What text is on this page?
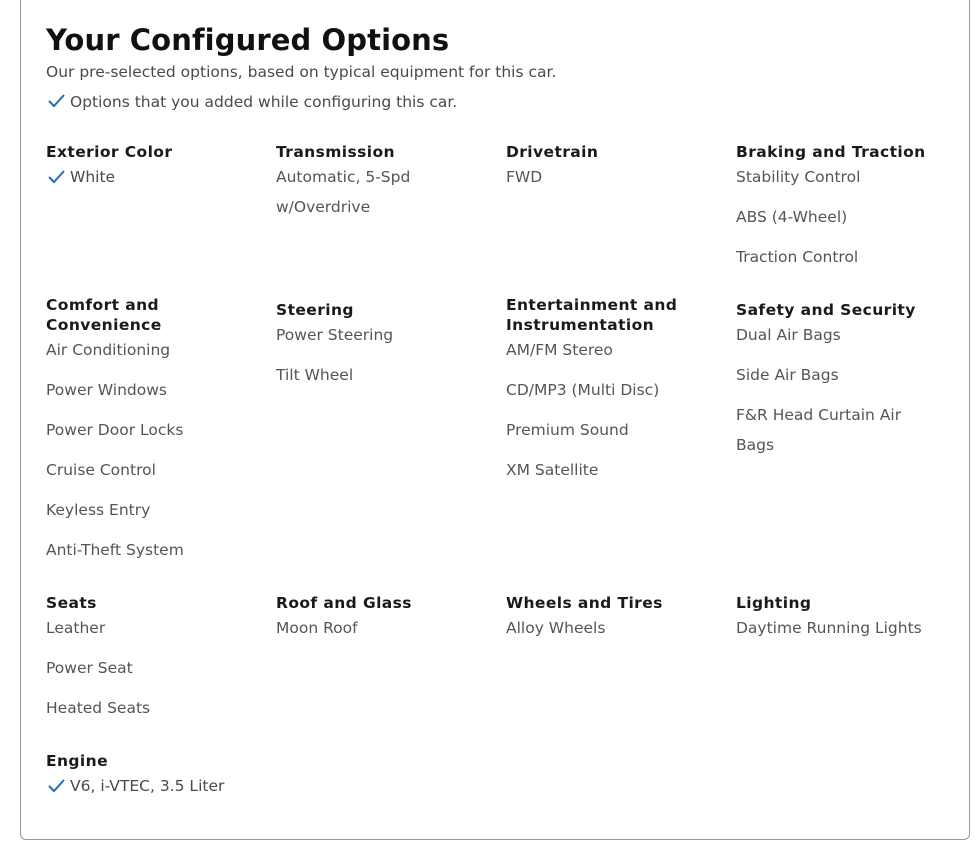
Your Configured Options
Our pre-selected options, based on typical equipment for this car.
Options that you added while configuring this car.
Exterior Color
White
Transmission
Automatic, 5-Spd w/Overdrive
Drivetrain
FWD
Braking and Traction
Stability Control
ABS (4-Wheel)
Traction Control
Comfort and Convenience
Air Conditioning
Power Windows
Power Door Locks
Cruise Control
Keyless Entry
Anti-Theft System
Steering
Power Steering
Tilt Wheel
Entertainment and Instrumentation
AM/FM Stereo
CD/MP3 (Multi Disc)
Premium Sound
XM Satellite
Safety and Security
Dual Air Bags
Side Air Bags
F&R Head Curtain Air Bags
Seats
Leather
Power Seat
Heated Seats
Roof and Glass
Moon Roof
Wheels and Tires
Alloy Wheels
Lighting
Daytime Running Lights
Engine
V6, i-VTEC, 3.5 Liter
